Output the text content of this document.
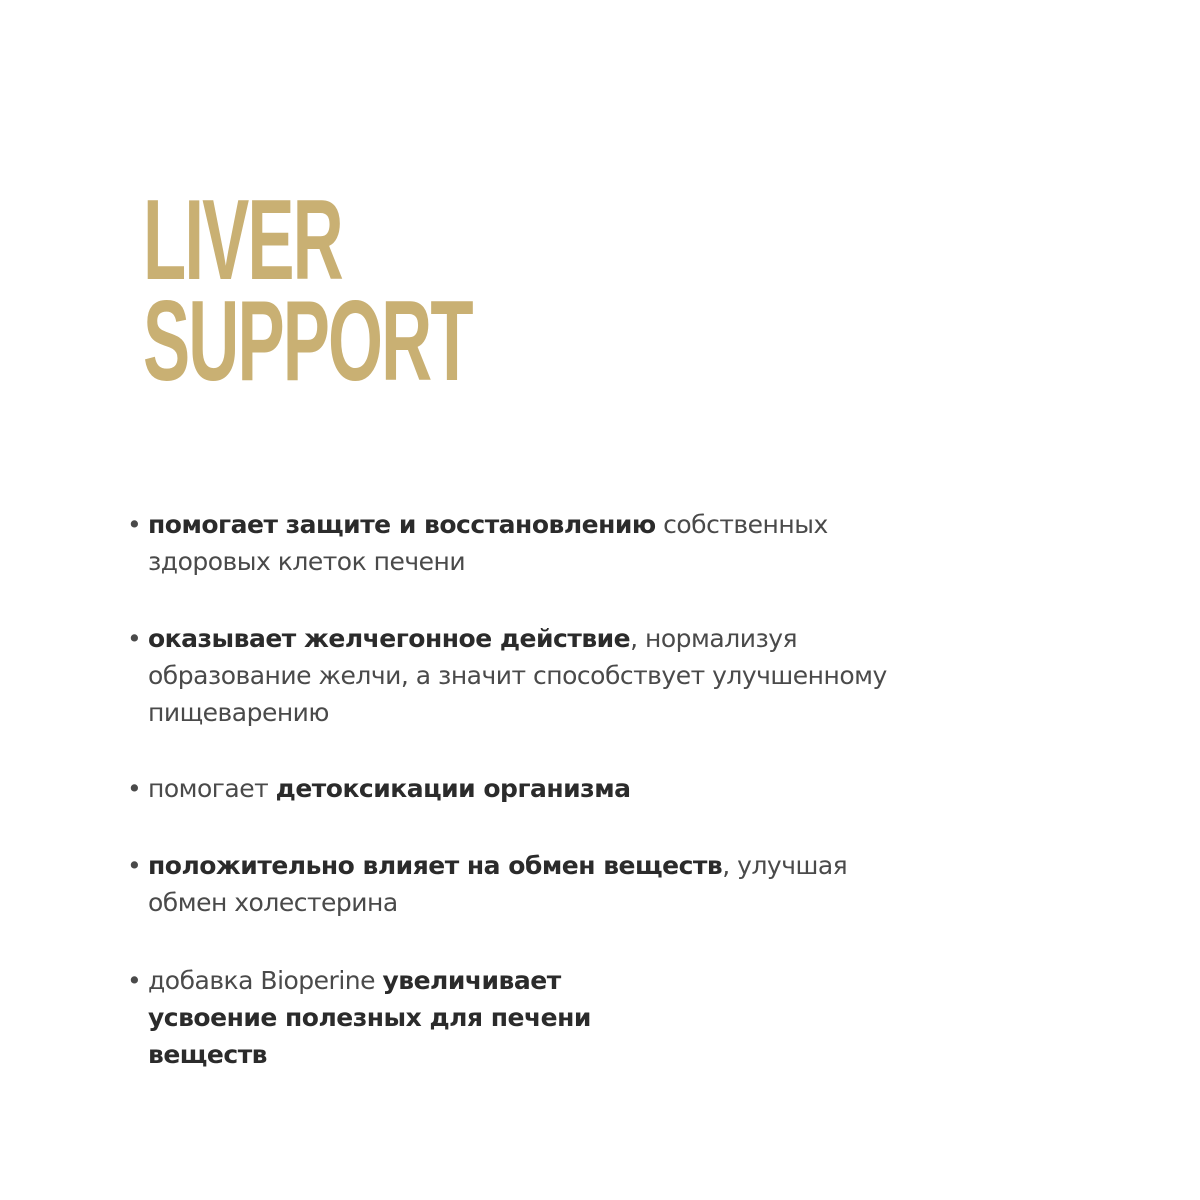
LIVER
SUPPORT
• помогает защите и восстановлению собственных
здоровых клеток печени
• оказывает желчегонное действие, нормализуя
образование желчи, а значит способствует улучшенному
пищеварению
• помогает детоксикации организма
• положительно влияет на обмен веществ, улучшая
обмен холестерина
• добавка Bioperine увеличивает
усвоение полезных для печени
веществ
